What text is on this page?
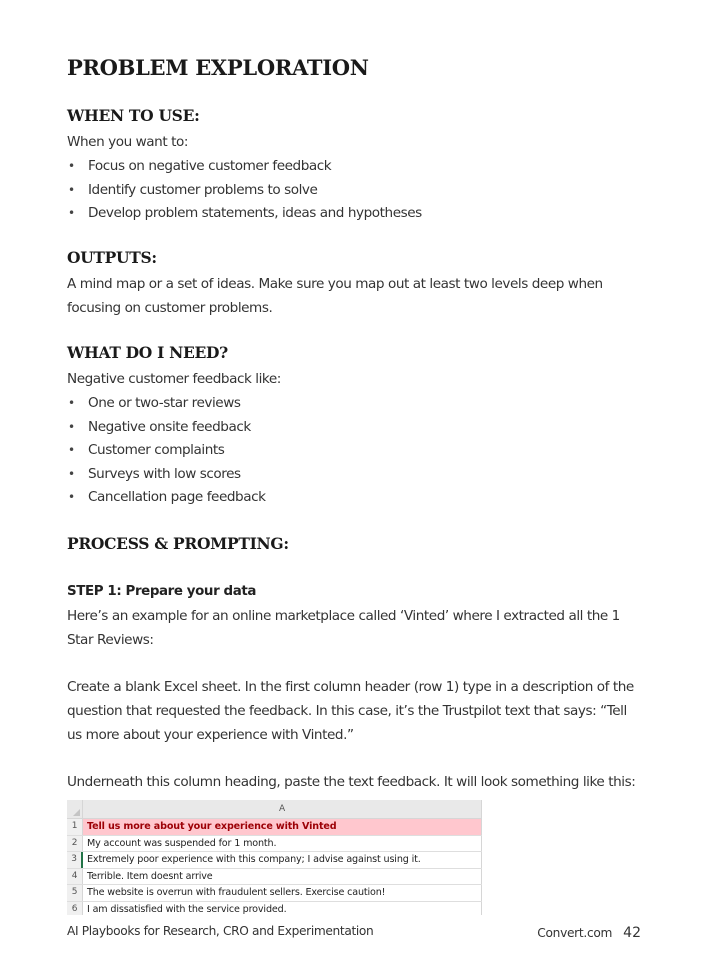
PROBLEM EXPLORATION
WHEN TO USE:
When you want to:
• Focus on negative customer feedback
• Identify customer problems to solve
• Develop problem statements, ideas and hypotheses
OUTPUTS:
A mind map or a set of ideas. Make sure you map out at least two levels deep when
focusing on customer problems.
WHAT DO I NEED?
Negative customer feedback like:
• One or two-star reviews
• Negative onsite feedback
• Customer complaints
• Surveys with low scores
• Cancellation page feedback
PROCESS & PROMPTING:
STEP 1: Prepare your data
Here’s an example for an online marketplace called ‘Vinted’ where I extracted all the 1
Star Reviews:
Create a blank Excel sheet. In the first column header (row 1) type in a description of the
question that requested the feedback. In this case, it’s the Trustpilot text that says: “Tell
us more about your experience with Vinted.”
Underneath this column heading, paste the text feedback. It will look something like this:
A
1	Tell us more about your experience with Vinted
2	My account was suspended for 1 month.
3	Extremely poor experience with this company; I advise against using it.
4	Terrible. Item doesnt arrive
5	The website is overrun with fraudulent sellers. Exercise caution!
6	I am dissatisfied with the service provided.
AI Playbooks for Research, CRO and Experimentation	Convert.com 42
